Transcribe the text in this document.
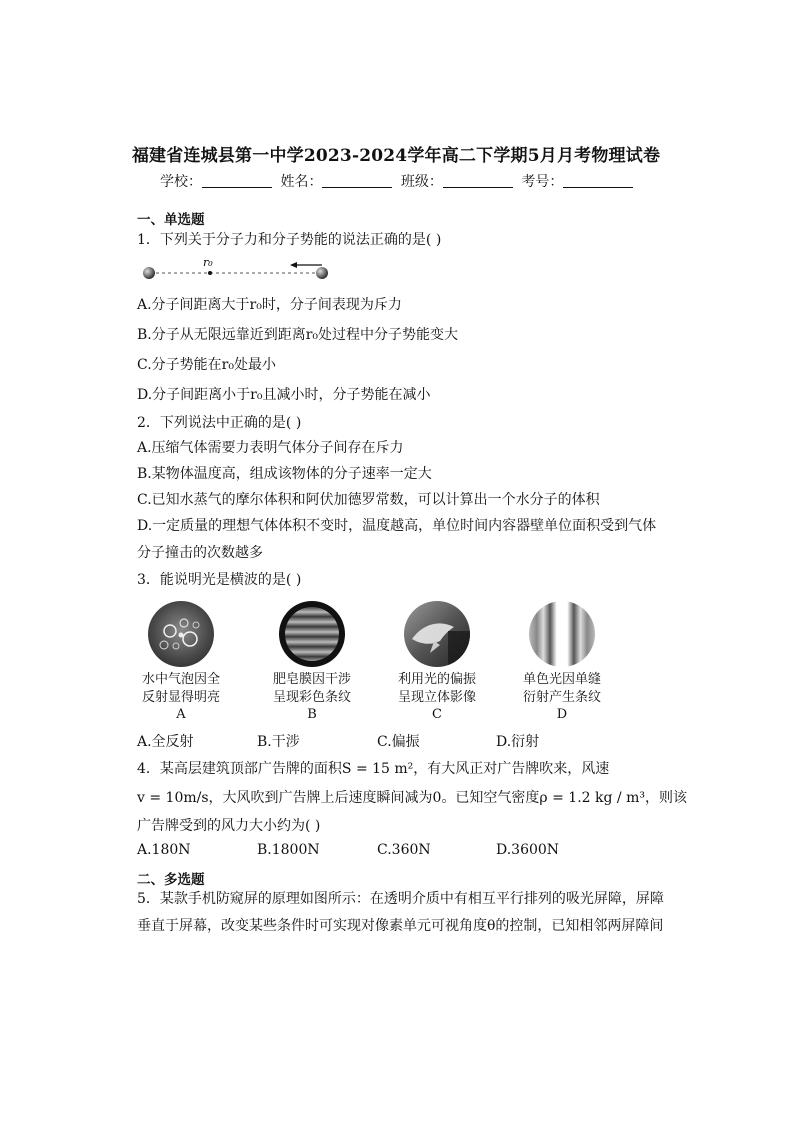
福建省连城县第一中学2023-2024学年高二下学期5月月考物理试卷
学校：	姓名：	班级：	考号：
一、单选题
1．下列关于分子力和分子势能的说法正确的是( )
r₀
A.分子间距离大于r₀时，分子间表现为斥力
B.分子从无限远靠近到距离r₀处过程中分子势能变大
C.分子势能在r₀处最小
D.分子间距离小于r₀且减小时，分子势能在减小
2．下列说法中正确的是( )
A.压缩气体需要力表明气体分子间存在斥力
B.某物体温度高，组成该物体的分子速率一定大
C.已知水蒸气的摩尔体积和阿伏加德罗常数，可以计算出一个水分子的体积
D.一定质量的理想气体体积不变时，温度越高，单位时间内容器壁单位面积受到气体
分子撞击的次数越多
3．能说明光是横波的是( )
水中气泡因全
反射显得明亮
肥皂膜因干涉
呈现彩色条纹
利用光的偏振
呈现立体影像
单色光因单缝
衍射产生条纹
A	B	C	D
A.全反射	B.干涉	C.偏振	D.衍射
4．某高层建筑顶部广告牌的面积S = 15 m²，有大风正对广告牌吹来，风速
v = 10m/s，大风吹到广告牌上后速度瞬间减为0。已知空气密度ρ = 1.2 kg / m³，则该
广告牌受到的风力大小约为( )
A.180N	B.1800N	C.360N	D.3600N
二、多选题
5．某款手机防窥屏的原理如图所示：在透明介质中有相互平行排列的吸光屏障，屏障
垂直于屏幕，改变某些条件时可实现对像素单元可视角度θ的控制，已知相邻两屏障间
